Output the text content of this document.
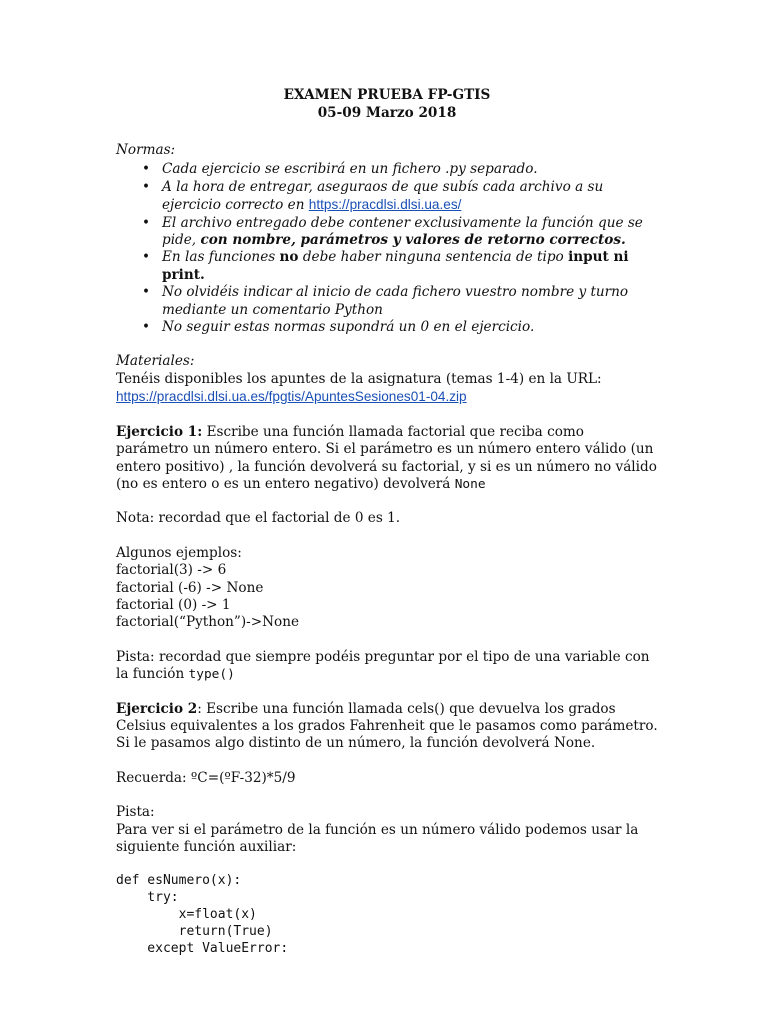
EXAMEN PRUEBA FP-GTIS

05-09 Marzo 2018

Normas:

• Cada ejercicio se escribirá en un fichero .py separado.
• A la hora de entregar, aseguraos de que subís cada archivo a su ejercicio correcto en https://pracdlsi.dlsi.ua.es/
• El archivo entregado debe contener exclusivamente la función que se pide, con nombre, parámetros y valores de retorno correctos.
• En las funciones no debe haber ninguna sentencia de tipo input ni print.
• No olvidéis indicar al inicio de cada fichero vuestro nombre y turno mediante un comentario Python
• No seguir estas normas supondrá un 0 en el ejercicio.

Materiales:

Tenéis disponibles los apuntes de la asignatura (temas 1-4) en la URL:

https://pracdlsi.dlsi.ua.es/fpgtis/ApuntesSesiones01-04.zip

Ejercicio 1: Escribe una función llamada factorial que reciba como parámetro un número entero. Si el parámetro es un número entero válido (un entero positivo) , la función devolverá su factorial, y si es un número no válido (no es entero o es un entero negativo) devolverá None

Nota: recordad que el factorial de 0 es 1.

Algunos ejemplos:

factorial(3) -> 6

factorial (-6) -> None

factorial (0) -> 1

factorial(“Python”)->None

Pista: recordad que siempre podéis preguntar por el tipo de una variable con la función type()

Ejercicio 2: Escribe una función llamada cels() que devuelva los grados Celsius equivalentes a los grados Fahrenheit que le pasamos como parámetro. Si le pasamos algo distinto de un número, la función devolverá None.

Recuerda: ºC=(ºF-32)*5/9

Pista:

Para ver si el parámetro de la función es un número válido podemos usar la siguiente función auxiliar:

def esNumero(x):
try:
x=float(x)
return(True)
except ValueError:
